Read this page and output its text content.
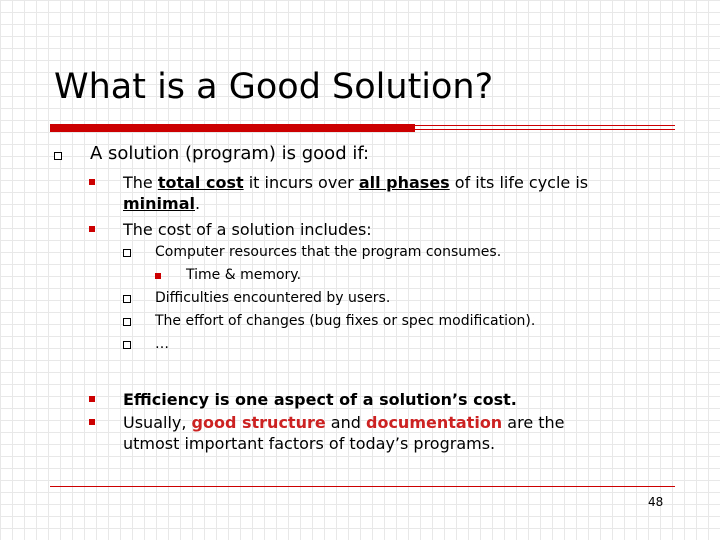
What is a Good Solution?
A solution (program) is good if:
The total cost it incurs over all phases of its life cycle is
minimal.
The cost of a solution includes:
Computer resources that the program consumes.
Time & memory.
Difficulties encountered by users.
The effort of changes (bug fixes or spec modification).
…
Efficiency is one aspect of a solution’s cost.
Usually, good structure and documentation are the
utmost important factors of today’s programs.
48
